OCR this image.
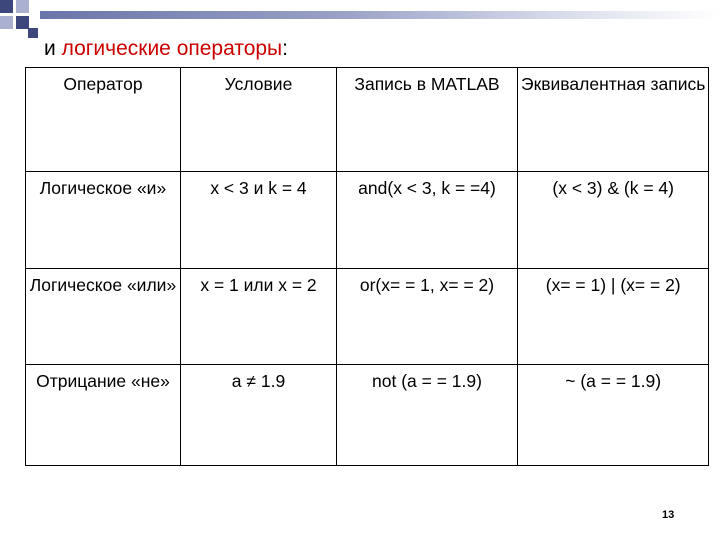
и логические операторы:
Оператор	Условие	Запись в MATLAB	Эквивалентная запись
Логическое «и»	x < 3 и k = 4	and(x < 3, k = =4)	(x < 3) & (k = 4)
Логическое «или»	x = 1 или x = 2	or(x= = 1, x= = 2)	(x= = 1) | (x= = 2)
Отрицание «не»	a ≠ 1.9	not (a = = 1.9)	~ (a = = 1.9)
13
